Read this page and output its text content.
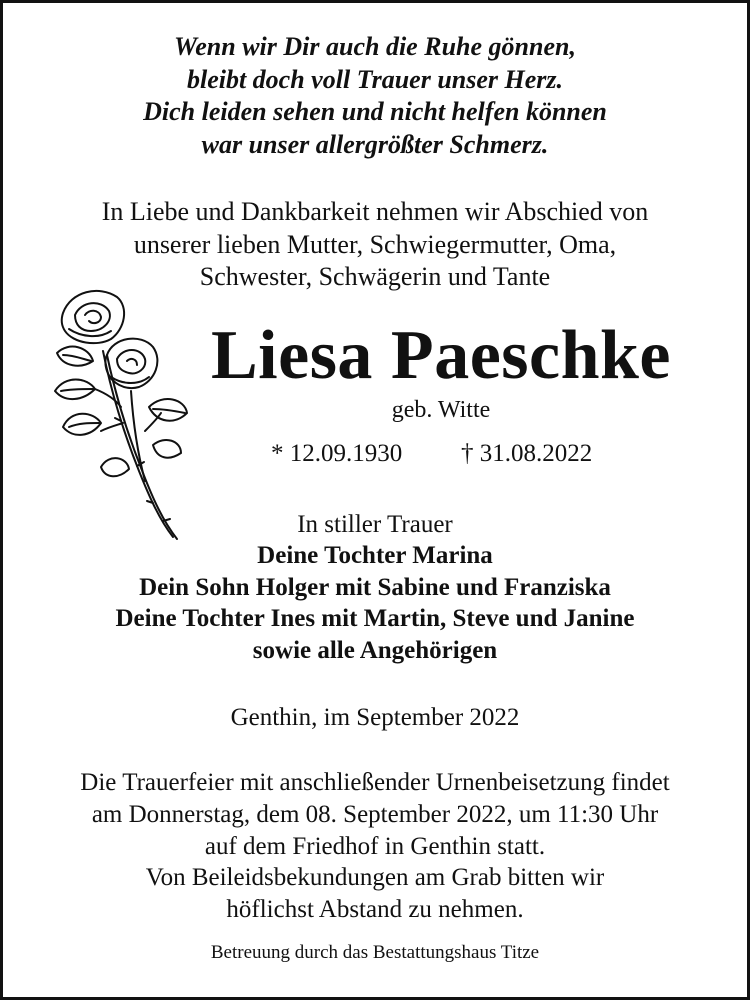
Wenn wir Dir auch die Ruhe gönnen,
bleibt doch voll Trauer unser Herz.
Dich leiden sehen und nicht helfen können
war unser allergrößter Schmerz.
In Liebe und Dankbarkeit nehmen wir Abschied von
unserer lieben Mutter, Schwiegermutter, Oma,
Schwester, Schwägerin und Tante
Liesa Paeschke
geb. Witte
* 12.09.1930 † 31.08.2022
In stiller Trauer
Deine Tochter Marina
Dein Sohn Holger mit Sabine und Franziska
Deine Tochter Ines mit Martin, Steve und Janine
sowie alle Angehörigen
Genthin, im September 2022
Die Trauerfeier mit anschließender Urnenbeisetzung findet
am Donnerstag, dem 08. September 2022, um 11:30 Uhr
auf dem Friedhof in Genthin statt.
Von Beileidsbekundungen am Grab bitten wir
höflichst Abstand zu nehmen.
Betreuung durch das Bestattungshaus Titze
